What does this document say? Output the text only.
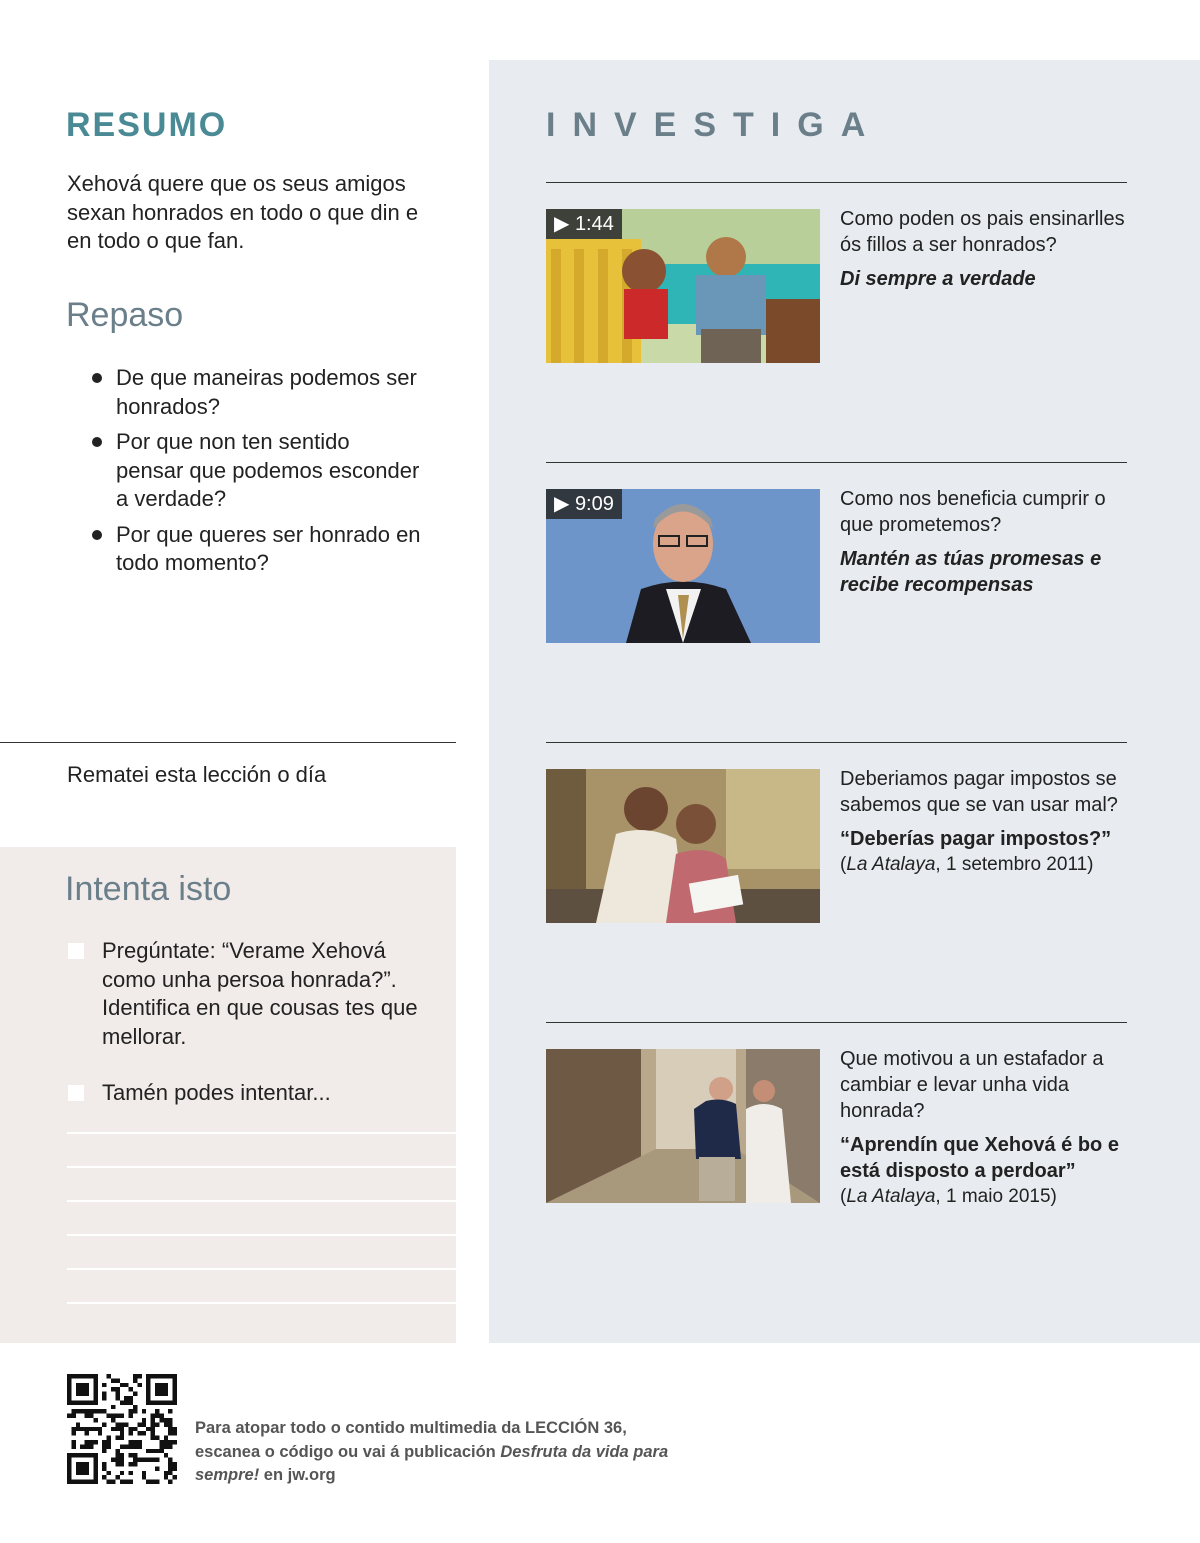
RESUMO
Xehová quere que os seus amigos sexan honrados en todo o que din e en todo o que fan.
Repaso
De que maneiras podemos ser honrados?
Por que non ten sentido pensar que podemos esconder a verdade?
Por que queres ser honrado en todo momento?
Rematei esta lección o día
Intenta isto
Pregúntate: “Verame Xehová como unha persoa honrada?”. Identifica en que cousas tes que mellorar.
Tamén podes intentar...
INVESTIGA
▶ 1:44	Como poden os pais ensinarlles ós fillos a ser honrados?
Di sempre a verdade
▶ 9:09	Como nos beneficia cumprir o que prometemos?
Mantén as túas promesas e recibe recompensas
Deberiamos pagar impostos se sabemos que se van usar mal?
“Deberías pagar impostos?”
(La Atalaya, 1 setembro 2011)
Que motivou a un estafador a cambiar e levar unha vida honrada?
“Aprendín que Xehová é bo e está disposto a perdoar”
(La Atalaya, 1 maio 2015)
Para atopar todo o contido multimedia da LECCIÓN 36, escanea o código ou vai á publicación Desfruta da vida para sempre! en jw.org
